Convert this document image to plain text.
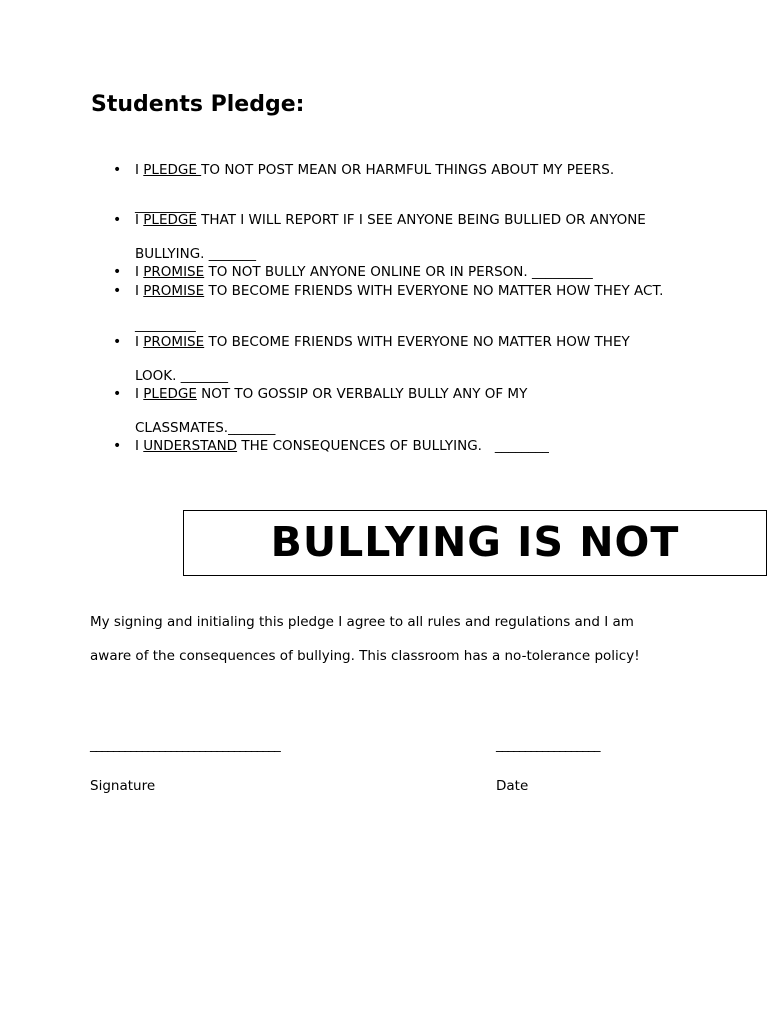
Students Pledge:
• I PLEDGE TO NOT POST MEAN OR HARMFUL THINGS ABOUT MY PEERS.
_________
• I PLEDGE THAT I WILL REPORT IF I SEE ANYONE BEING BULLIED OR ANYONE
BULLYING. _______
• I PROMISE TO NOT BULLY ANYONE ONLINE OR IN PERSON. _________
• I PROMISE TO BECOME FRIENDS WITH EVERYONE NO MATTER HOW THEY ACT.
_________
• I PROMISE TO BECOME FRIENDS WITH EVERYONE NO MATTER HOW THEY
LOOK. _______
• I PLEDGE NOT TO GOSSIP OR VERBALLY BULLY ANY OF MY
CLASSMATES._______
• I UNDERSTAND THE CONSEQUENCES OF BULLYING.   ________
BULLYING IS NOT

My signing and initialing this pledge I agree to all rules and regulations and I am

aware of the consequences of bullying. This classroom has a no-tolerance policy!

_________________________________	__________________
Signature	Date
